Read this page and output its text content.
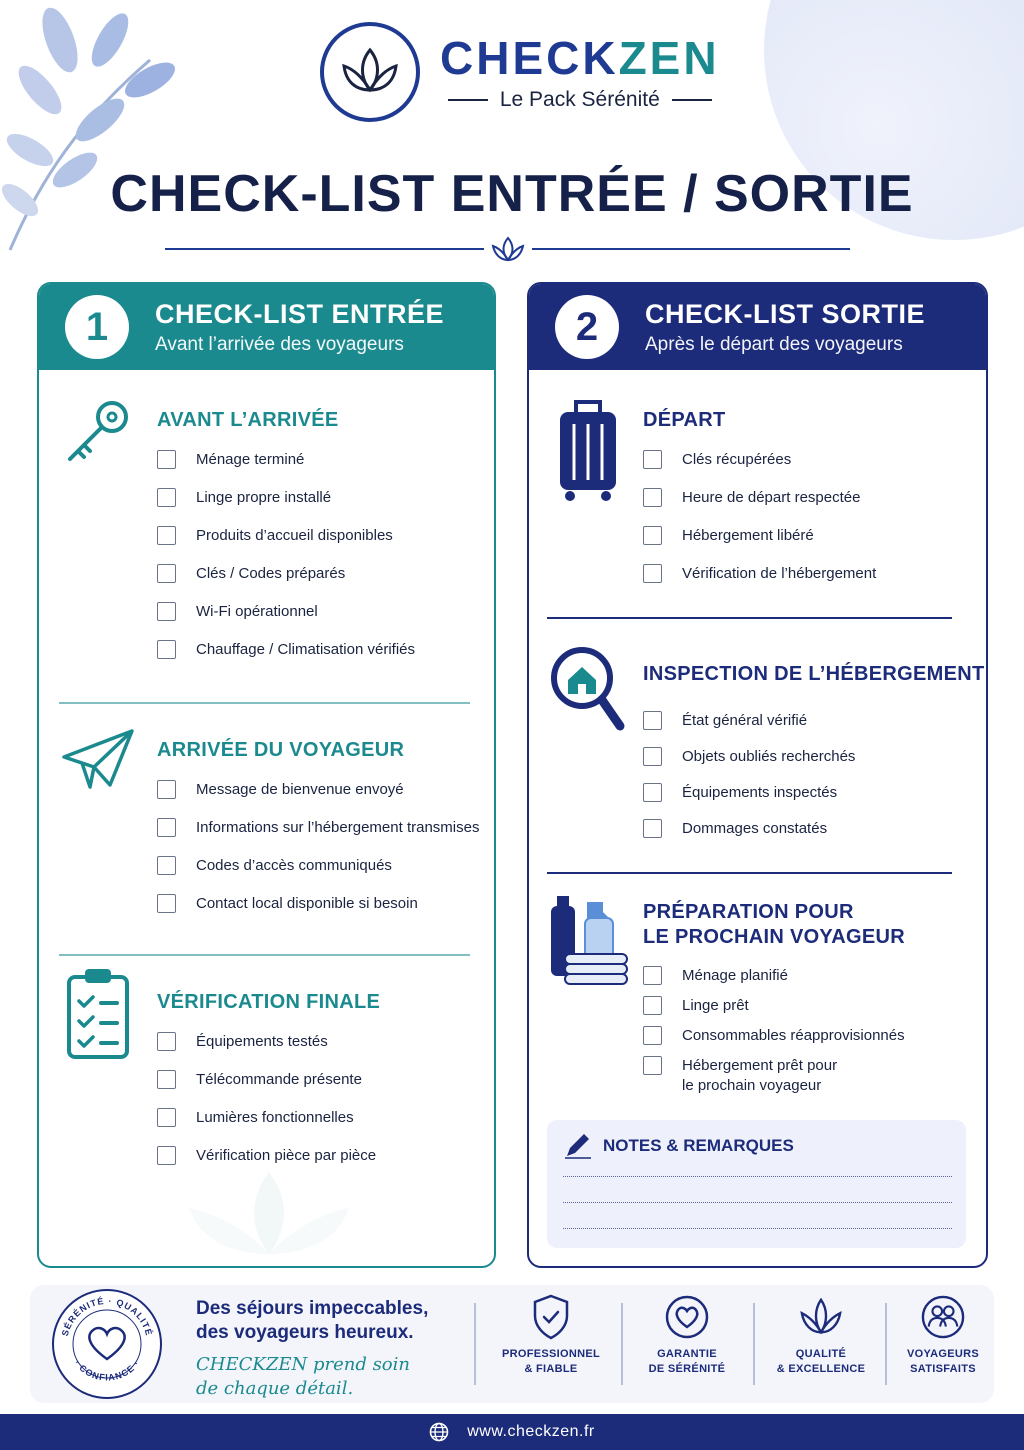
CHECKZEN
Le Pack Sérénité
CHECK-LIST ENTRÉE / SORTIE
1	CHECK-LIST ENTRÉE
Avant l’arrivée des voyageurs
AVANT L’ARRIVÉE
Ménage terminé
Linge propre installé
Produits d’accueil disponibles
Clés / Codes préparés
Wi-Fi opérationnel
Chauffage / Climatisation vérifiés
ARRIVÉE DU VOYAGEUR
Message de bienvenue envoyé
Informations sur l’hébergement transmises
Codes d’accès communiqués
Contact local disponible si besoin
VÉRIFICATION FINALE
Équipements testés
Télécommande présente
Lumières fonctionnelles
Vérification pièce par pièce
2	CHECK-LIST SORTIE
Après le départ des voyageurs
DÉPART
Clés récupérées
Heure de départ respectée
Hébergement libéré
Vérification de l’hébergement
INSPECTION DE L’HÉBERGEMENT
État général vérifié
Objets oubliés recherchés
Équipements inspectés
Dommages constatés
PRÉPARATION POUR
LE PROCHAIN VOYAGEUR
Ménage planifié
Linge prêt
Consommables réapprovisionnés
Hébergement prêt pour
le prochain voyageur
NOTES & REMARQUES
SÉRÉNITÉ · QUALITÉ
· CONFIANCE ·
Des séjours impeccables,
des voyageurs heureux.
CHECKZEN prend soin
de chaque détail.
PROFESSIONNEL
& FIABLE
GARANTIE
DE SÉRÉNITÉ
QUALITÉ
& EXCELLENCE
VOYAGEURS
SATISFAITS
www.checkzen.fr
